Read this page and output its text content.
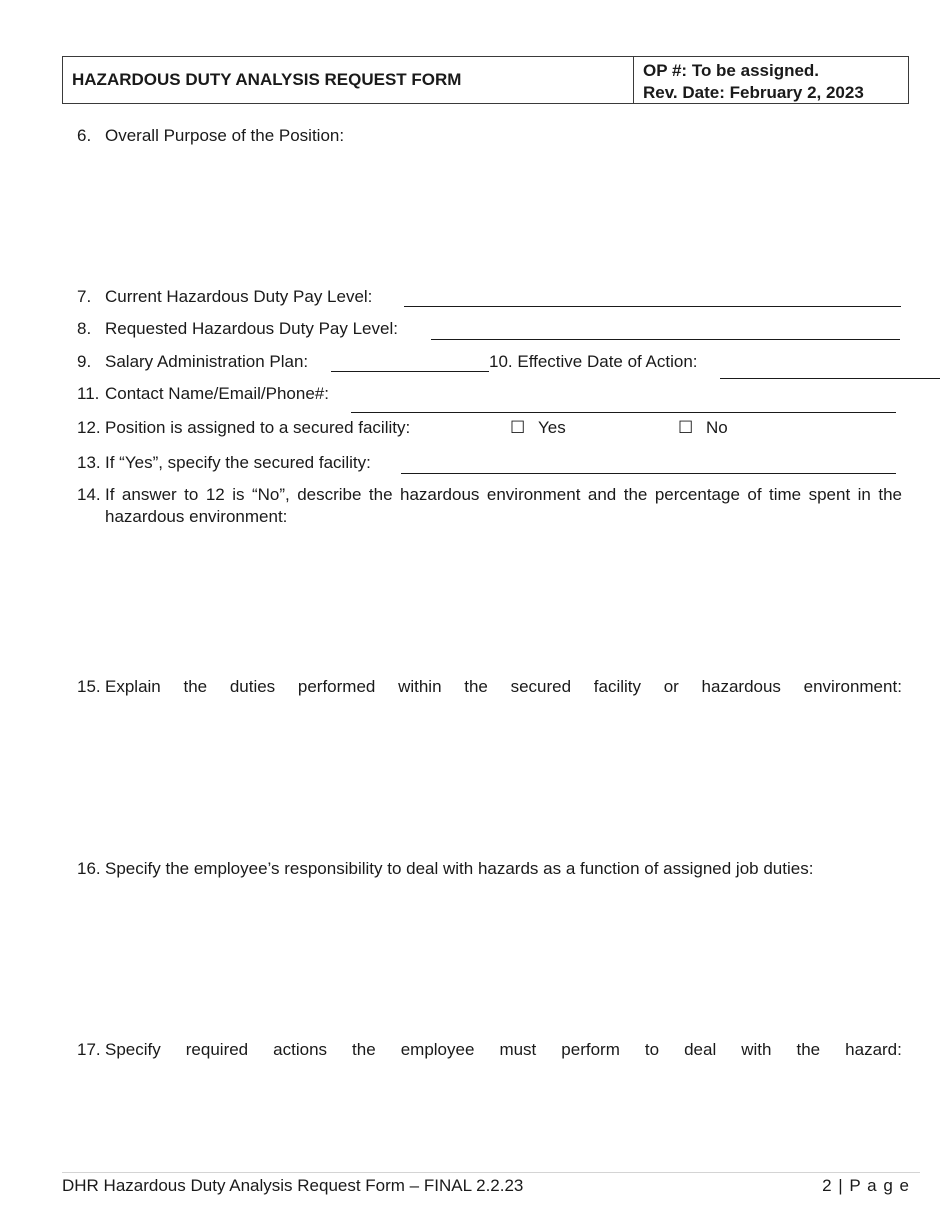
HAZARDOUS DUTY ANALYSIS REQUEST FORM	OP #: To be assigned.
Rev. Date: February 2, 2023
6. Overall Purpose of the Position:
7. Current Hazardous Duty Pay Level:
8. Requested Hazardous Duty Pay Level:
9. Salary Administration Plan:	10. Effective Date of Action:
11. Contact Name/Email/Phone#:
12. Position is assigned to a secured facility:	☐ Yes	☐ No
13. If “Yes”, specify the secured facility:
14. If answer to 12 is “No”, describe the hazardous environment and the percentage of time spent in the hazardous environment:
15. Explain the duties performed within the secured facility or hazardous environment:
16. Specify the employee’s responsibility to deal with hazards as a function of assigned job duties:
17. Specify required actions the employee must perform to deal with the hazard:
DHR Hazardous Duty Analysis Request Form – FINAL 2.2.23	2 | P a g e
